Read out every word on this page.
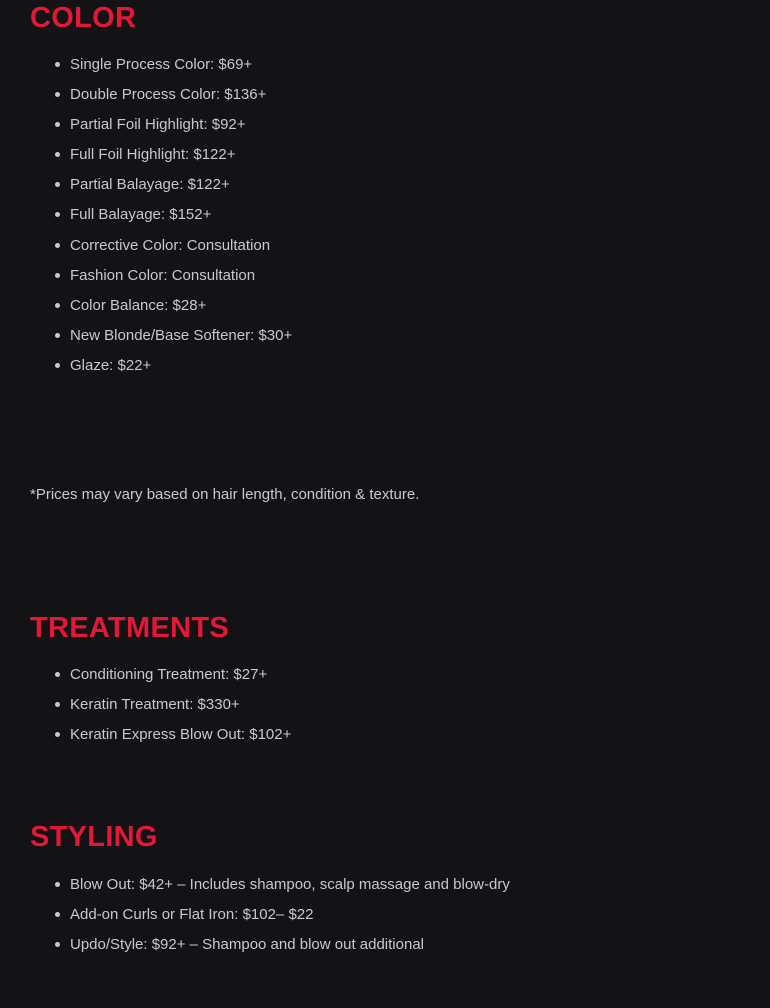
COLOR
Single Process Color: $69+
Double Process Color: $136+
Partial Foil Highlight: $92+
Full Foil Highlight: $122+
Partial Balayage: $122+
Full Balayage: $152+
Corrective Color: Consultation
Fashion Color: Consultation
Color Balance: $28+
New Blonde/Base Softener: $30+
Glaze: $22+

*Prices may vary based on hair length, condition & texture.

TREATMENTS
Conditioning Treatment: $27+
Keratin Treatment: $330+
Keratin Express Blow Out: $102+
STYLING
Blow Out: $42+ – Includes shampoo, scalp massage and blow-dry
Add-on Curls or Flat Iron: $102– $22
Updo/Style: $92+ – Shampoo and blow out additional
